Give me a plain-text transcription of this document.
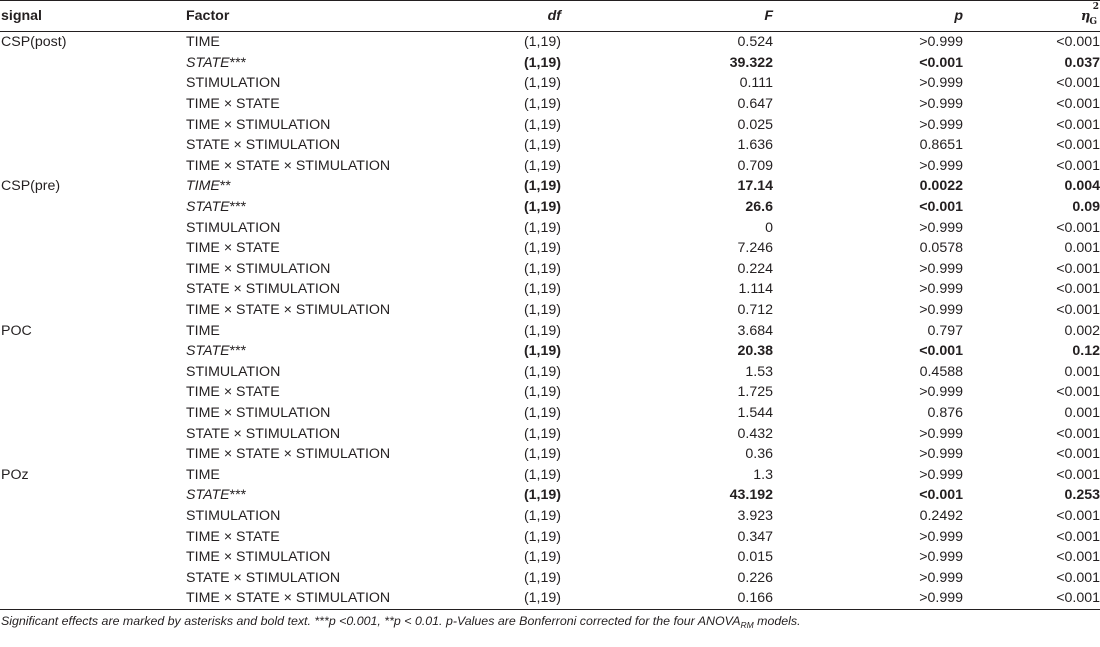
signal	Factor	df	F	p	$\eta_G$
2

CSP(post)	TIME	(1,19)	0.524	>0.999	<0.001
	STATE***	(1,19)	39.322	<0.001	0.037
	STIMULATION	(1,19)	0.111	>0.999	<0.001
	TIME × STATE	(1,19)	0.647	>0.999	<0.001
	TIME × STIMULATION	(1,19)	0.025	>0.999	<0.001
	STATE × STIMULATION	(1,19)	1.636	0.8651	<0.001
	TIME × STATE × STIMULATION	(1,19)	0.709	>0.999	<0.001
CSP(pre)	TIME**	(1,19)	17.14	0.0022	0.004
	STATE***	(1,19)	26.6	<0.001	0.09
	STIMULATION	(1,19)	0	>0.999	<0.001
	TIME × STATE	(1,19)	7.246	0.0578	0.001
	TIME × STIMULATION	(1,19)	0.224	>0.999	<0.001
	STATE × STIMULATION	(1,19)	1.114	>0.999	<0.001
	TIME × STATE × STIMULATION	(1,19)	0.712	>0.999	<0.001
POC	TIME	(1,19)	3.684	0.797	0.002
	STATE***	(1,19)	20.38	<0.001	0.12
	STIMULATION	(1,19)	1.53	0.4588	0.001
	TIME × STATE	(1,19)	1.725	>0.999	<0.001
	TIME × STIMULATION	(1,19)	1.544	0.876	0.001
	STATE × STIMULATION	(1,19)	0.432	>0.999	<0.001
	TIME × STATE × STIMULATION	(1,19)	0.36	>0.999	<0.001
POz	TIME	(1,19)	1.3	>0.999	<0.001
	STATE***	(1,19)	43.192	<0.001	0.253
	STIMULATION	(1,19)	3.923	0.2492	<0.001
	TIME × STATE	(1,19)	0.347	>0.999	<0.001
	TIME × STIMULATION	(1,19)	0.015	>0.999	<0.001
	STATE × STIMULATION	(1,19)	0.226	>0.999	<0.001
	TIME × STATE × STIMULATION	(1,19)	0.166	>0.999	<0.001
Significant effects are marked by asterisks and bold text. ***p <0.001, **p < 0.01. p-Values are Bonferroni corrected for the four $ANOVA_{RM}$ models.
